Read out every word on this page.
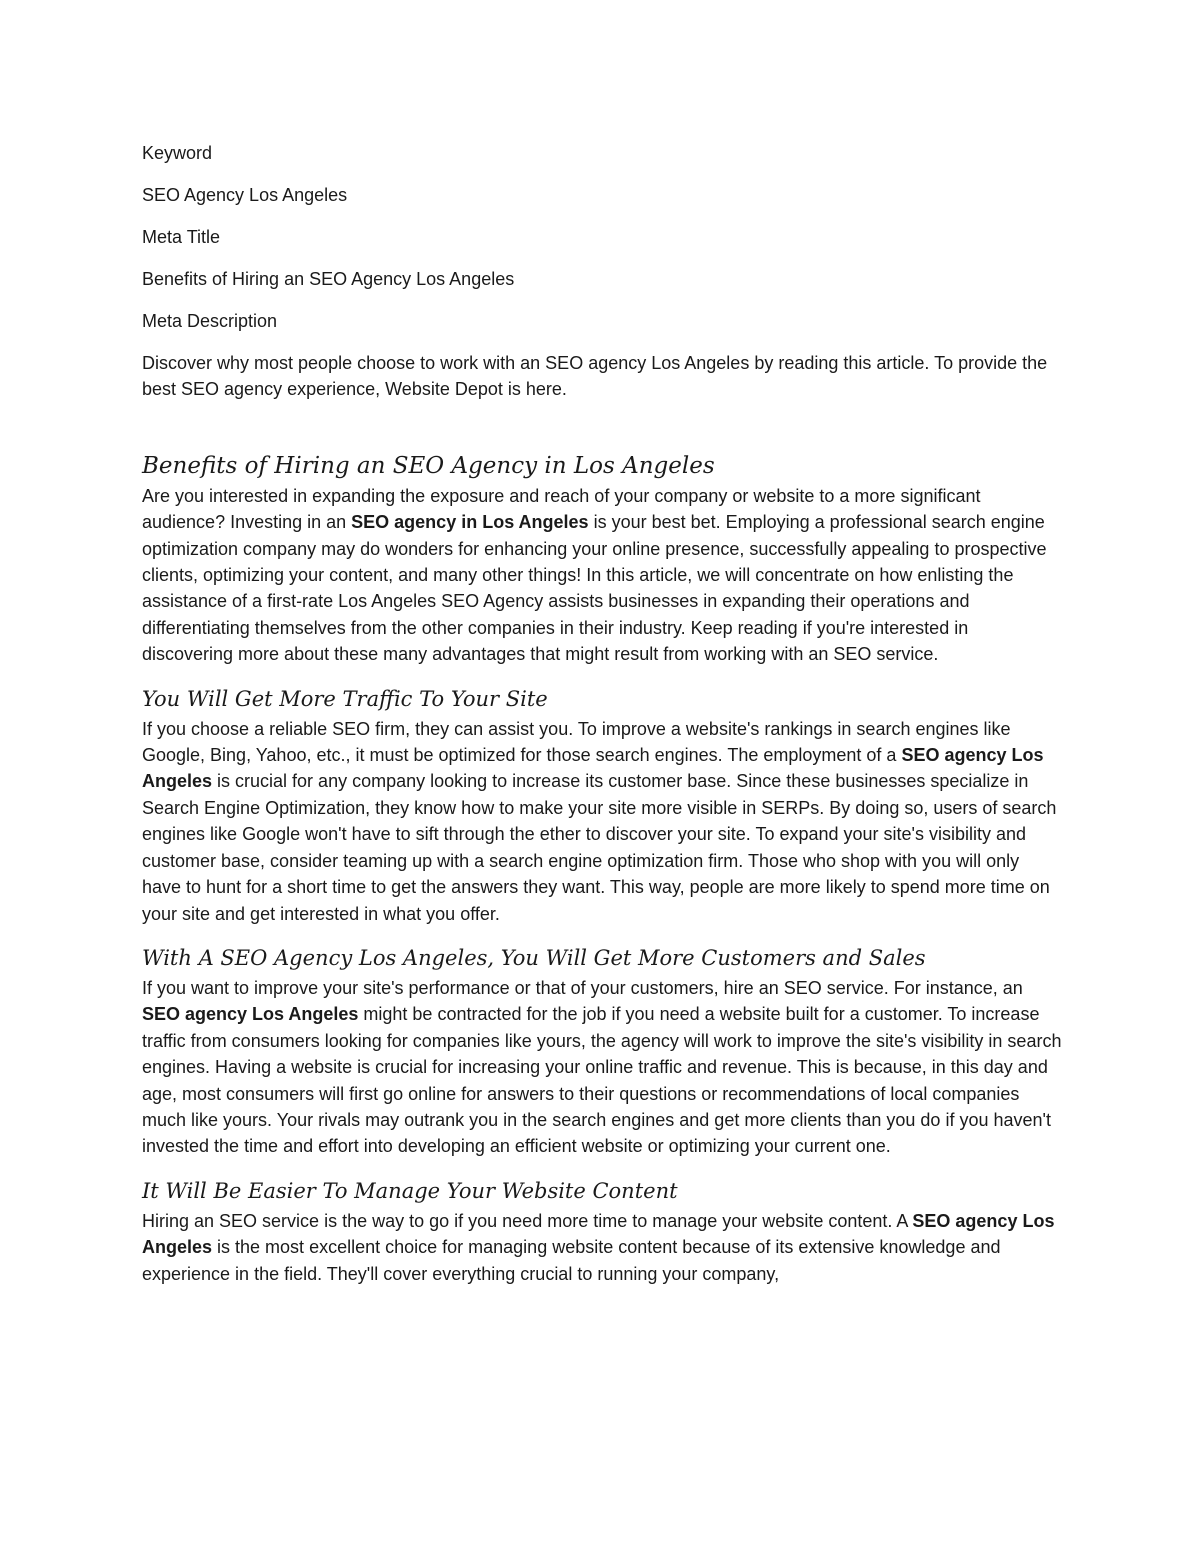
Keyword

SEO Agency Los Angeles

Meta Title

Benefits of Hiring an SEO Agency Los Angeles

Meta Description

Discover why most people choose to work with an SEO agency Los Angeles by reading this article. To provide the best SEO agency experience, Website Depot is here.

Benefits of Hiring an SEO Agency in Los Angeles

Are you interested in expanding the exposure and reach of your company or website to a more significant audience? Investing in an SEO agency in Los Angeles is your best bet. Employing a professional search engine optimization company may do wonders for enhancing your online presence, successfully appealing to prospective clients, optimizing your content, and many other things! In this article, we will concentrate on how enlisting the assistance of a first-rate Los Angeles SEO Agency assists businesses in expanding their operations and differentiating themselves from the other companies in their industry. Keep reading if you're interested in discovering more about these many advantages that might result from working with an SEO service.

You Will Get More Traffic To Your Site

If you choose a reliable SEO firm, they can assist you. To improve a website's rankings in search engines like Google, Bing, Yahoo, etc., it must be optimized for those search engines. The employment of a SEO agency Los Angeles is crucial for any company looking to increase its customer base. Since these businesses specialize in Search Engine Optimization, they know how to make your site more visible in SERPs. By doing so, users of search engines like Google won't have to sift through the ether to discover your site. To expand your site's visibility and customer base, consider teaming up with a search engine optimization firm. Those who shop with you will only have to hunt for a short time to get the answers they want. This way, people are more likely to spend more time on your site and get interested in what you offer.

With A SEO Agency Los Angeles, You Will Get More Customers and Sales

If you want to improve your site's performance or that of your customers, hire an SEO service. For instance, an SEO agency Los Angeles might be contracted for the job if you need a website built for a customer. To increase traffic from consumers looking for companies like yours, the agency will work to improve the site's visibility in search engines. Having a website is crucial for increasing your online traffic and revenue. This is because, in this day and age, most consumers will first go online for answers to their questions or recommendations of local companies much like yours. Your rivals may outrank you in the search engines and get more clients than you do if you haven't invested the time and effort into developing an efficient website or optimizing your current one.

It Will Be Easier To Manage Your Website Content

Hiring an SEO service is the way to go if you need more time to manage your website content. A SEO agency Los Angeles is the most excellent choice for managing website content because of its extensive knowledge and experience in the field. They'll cover everything crucial to running your company,
